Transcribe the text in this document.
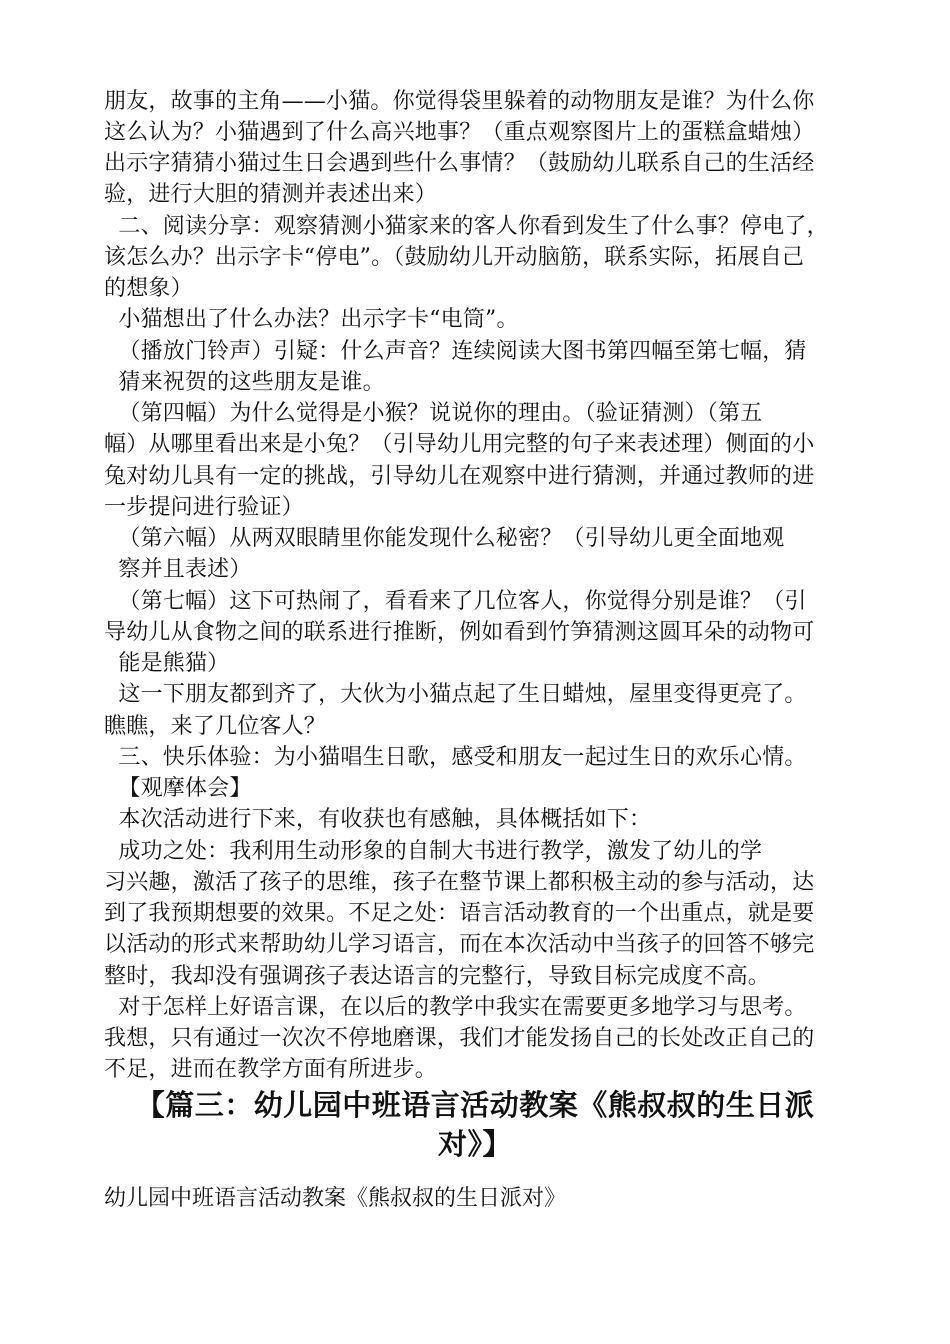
朋友，故事的主角——小猫。你觉得袋里躲着的动物朋友是谁？为什么你
这么认为？小猫遇到了什么高兴地事？（重点观察图片上的蛋糕盒蜡烛）
出示字猜猜小猫过生日会遇到些什么事情？（鼓励幼儿联系自己的生活经
验，进行大胆的猜测并表述出来）
二、阅读分享：观察猜测小猫家来的客人你看到发生了什么事？停电了，
该怎么办？出示字卡“停电”。（鼓励幼儿开动脑筋，联系实际，拓展自己
的想象）
小猫想出了什么办法？出示字卡“电筒”。
（播放门铃声）引疑：什么声音？连续阅读大图书第四幅至第七幅，猜
猜来祝贺的这些朋友是谁。
（第四幅）为什么觉得是小猴？说说你的理由。（验证猜测）（第五
幅）从哪里看出来是小兔？（引导幼儿用完整的句子来表述理）侧面的小
兔对幼儿具有一定的挑战，引导幼儿在观察中进行猜测，并通过教师的进
一步提问进行验证）
（第六幅）从两双眼睛里你能发现什么秘密？（引导幼儿更全面地观
察并且表述）
（第七幅）这下可热闹了，看看来了几位客人，你觉得分别是谁？（引
导幼儿从食物之间的联系进行推断，例如看到竹笋猜测这圆耳朵的动物可
能是熊猫）
这一下朋友都到齐了，大伙为小猫点起了生日蜡烛，屋里变得更亮了。
瞧瞧，来了几位客人？
三、快乐体验：为小猫唱生日歌，感受和朋友一起过生日的欢乐心情。
【观摩体会】
本次活动进行下来，有收获也有感触，具体概括如下：
成功之处：我利用生动形象的自制大书进行教学，激发了幼儿的学
习兴趣，激活了孩子的思维，孩子在整节课上都积极主动的参与活动，达
到了我预期想要的效果。不足之处：语言活动教育的一个出重点，就是要
以活动的形式来帮助幼儿学习语言，而在本次活动中当孩子的回答不够完
整时，我却没有强调孩子表达语言的完整行，导致目标完成度不高。
对于怎样上好语言课，在以后的教学中我实在需要更多地学习与思考。
我想，只有通过一次次不停地磨课，我们才能发扬自己的长处改正自己的
不足，进而在教学方面有所进步。
【篇三：幼儿园中班语言活动教案《熊叔叔的生日派
对》】
幼儿园中班语言活动教案《熊叔叔的生日派对》
